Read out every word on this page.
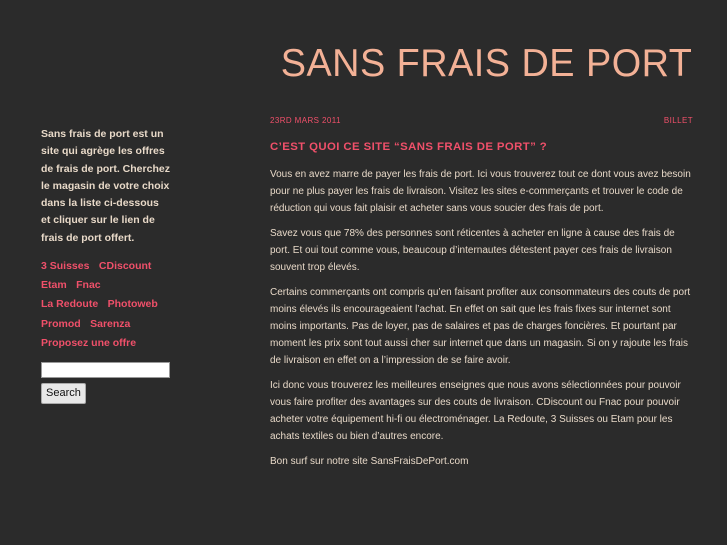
SANS FRAIS DE PORT

Sans frais de port est un site qui agrège les offres de frais de port. Cherchez le magasin de votre choix dans la liste ci-dessous et cliquer sur le lien de frais de port offert.

3 Suisses CDiscount
Etam Fnac
La Redoute Photoweb
Promod Sarenza
Proposez une offre
Search
23RD MARS 2011	BILLET
C’EST QUOI CE SITE “SANS FRAIS DE PORT” ?

Vous en avez marre de payer les frais de port. Ici vous trouverez tout ce dont vous avez besoin pour ne plus payer les frais de livraison. Visitez les sites e-commerçants et trouver le code de réduction qui vous fait plaisir et acheter sans vous soucier des frais de port.

Savez vous que 78% des personnes sont réticentes à acheter en ligne à cause des frais de port. Et oui tout comme vous, beaucoup d’internautes détestent payer ces frais de livraison souvent trop élevés.

Certains commerçants ont compris qu’en faisant profiter aux consommateurs des couts de port moins élevés ils encourageaient l’achat. En effet on sait que les frais fixes sur internet sont moins importants. Pas de loyer, pas de salaires et pas de charges foncières. Et pourtant par moment les prix sont tout aussi cher sur internet que dans un magasin. Si on y rajoute les frais de livraison en effet on a l’impression de se faire avoir.

Ici donc vous trouverez les meilleures enseignes que nous avons sélectionnées pour pouvoir vous faire profiter des avantages sur des couts de livraison. CDiscount ou Fnac pour pouvoir acheter votre équipement hi-fi ou électroménager. La Redoute, 3 Suisses ou Etam pour les achats textiles ou bien d’autres encore.

Bon surf sur notre site SansFraisDePort.com
